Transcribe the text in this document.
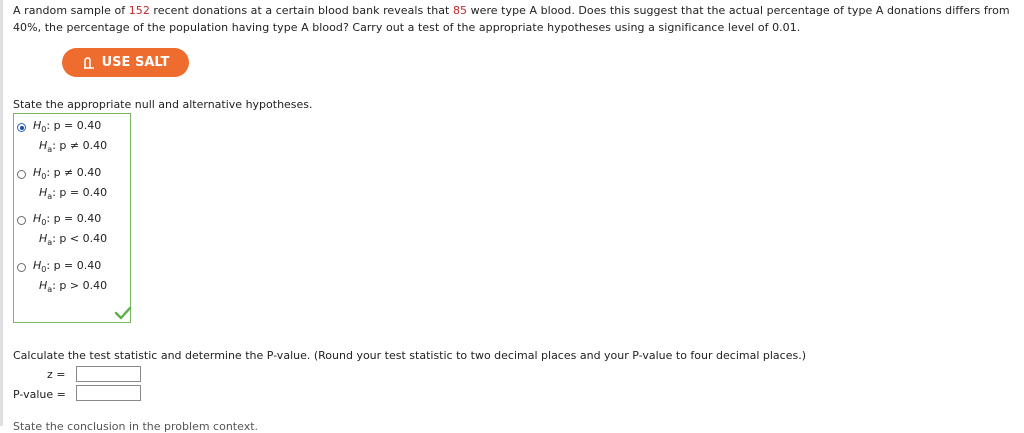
A random sample of 152 recent donations at a certain blood bank reveals that 85 were type A blood. Does this suggest that the actual percentage of type A donations differs from 40%, the percentage of the population having type A blood? Carry out a test of the appropriate hypotheses using a significance level of 0.01.
USE SALT
State the appropriate null and alternative hypotheses.
$H_0$: p = 0.40
$H_a$: p ≠ 0.40
$H_0$: p ≠ 0.40
$H_a$: p = 0.40
$H_0$: p = 0.40
$H_a$: p < 0.40
$H_0$: p = 0.40
$H_a$: p > 0.40
Calculate the test statistic and determine the P-value. (Round your test statistic to two decimal places and your P-value to four decimal places.)
z =
P-value =
State the conclusion in the problem context.
